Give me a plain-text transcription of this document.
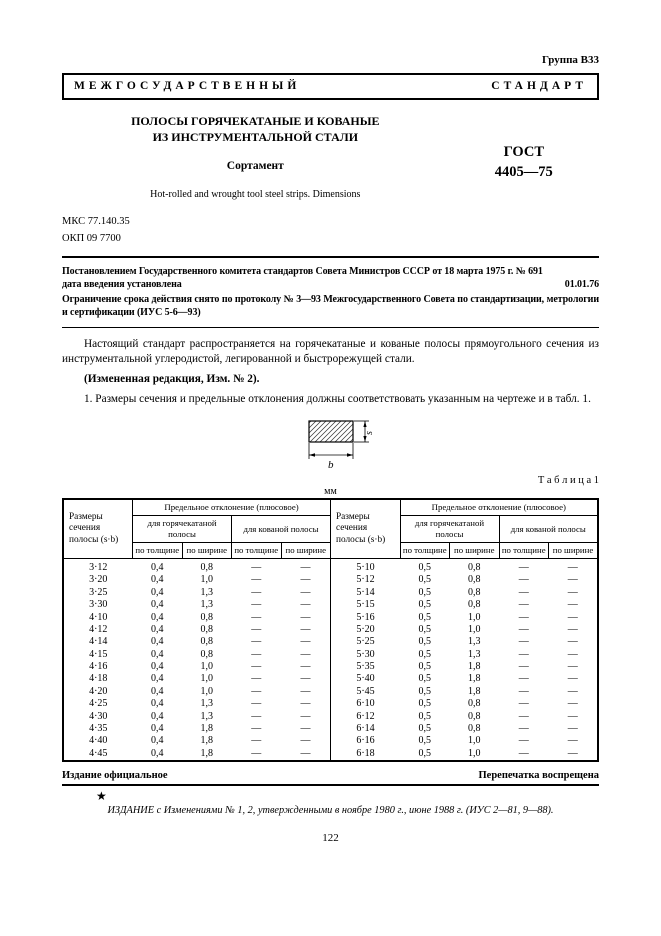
Группа В33
МЕЖГОСУДАРСТВЕННЫЙ	СТАНДАРТ
ПОЛОСЫ ГОРЯЧЕКАТАНЫЕ И КОВАНЫЕ
ИЗ ИНСТРУМЕНТАЛЬНОЙ СТАЛИ
Сортамент
Hot-rolled and wrought tool steel strips. Dimensions
ГОСТ
4405—75
МКС 77.140.35
ОКП 09 7700
Постановлением Государственного комитета стандартов Совета Министров СССР от 18 марта 1975 г. № 691
дата введения установлена	01.01.76
Ограничение срока действия снято по протоколу № 3—93 Межгосударственного Совета по стандартизации, метрологии и сертификации (ИУС 5-6—93)

Настоящий стандарт распространяется на горячекатаные и кованые полосы прямоугольного сечения из инструментальной углеродистой, легированной и быстрорежущей стали.

(Измененная редакция, Изм. № 2).

1. Размеры сечения и предельные отклонения должны соответствовать указанным на чертеже и в табл. 1.

b
s
Т а б л и ц а 1
мм
Размеры сечения полосы (s·b)	Предельное отклонение (плюсовое)				Размеры сечения полосы (s·b)	Предельное отклонение (плюсовое)			
	для горячекатаной полосы		для кованой полосы			для горячекатаной полосы		для кованой полосы	
	по толщине	по ширине	по толщине	по ширине		по толщине	по ширине	по толщине	по ширине
3·12	0,4	0,8	—	—	5·10	0,5	0,8	—	—
3·20	0,4	1,0	—	—	5·12	0,5	0,8	—	—
3·25	0,4	1,3	—	—	5·14	0,5	0,8	—	—
3·30	0,4	1,3	—	—	5·15	0,5	0,8	—	—
4·10	0,4	0,8	—	—	5·16	0,5	1,0	—	—
4·12	0,4	0,8	—	—	5·20	0,5	1,0	—	—
4·14	0,4	0,8	—	—	5·25	0,5	1,3	—	—
4·15	0,4	0,8	—	—	5·30	0,5	1,3	—	—
4·16	0,4	1,0	—	—	5·35	0,5	1,8	—	—
4·18	0,4	1,0	—	—	5·40	0,5	1,8	—	—
4·20	0,4	1,0	—	—	5·45	0,5	1,8	—	—
4·25	0,4	1,3	—	—	6·10	0,5	0,8	—	—
4·30	0,4	1,3	—	—	6·12	0,5	0,8	—	—
4·35	0,4	1,8	—	—	6·14	0,5	0,8	—	—
4·40	0,4	1,8	—	—	6·16	0,5	1,0	—	—
4·45	0,4	1,8	—	—	6·18	0,5	1,0	—	—
Издание официальное	Перепечатка воспрещена
★
ИЗДАНИЕ с Изменениями № 1, 2, утвержденными в ноябре 1980 г., июне 1988 г. (ИУС 2—81, 9—88).
122
